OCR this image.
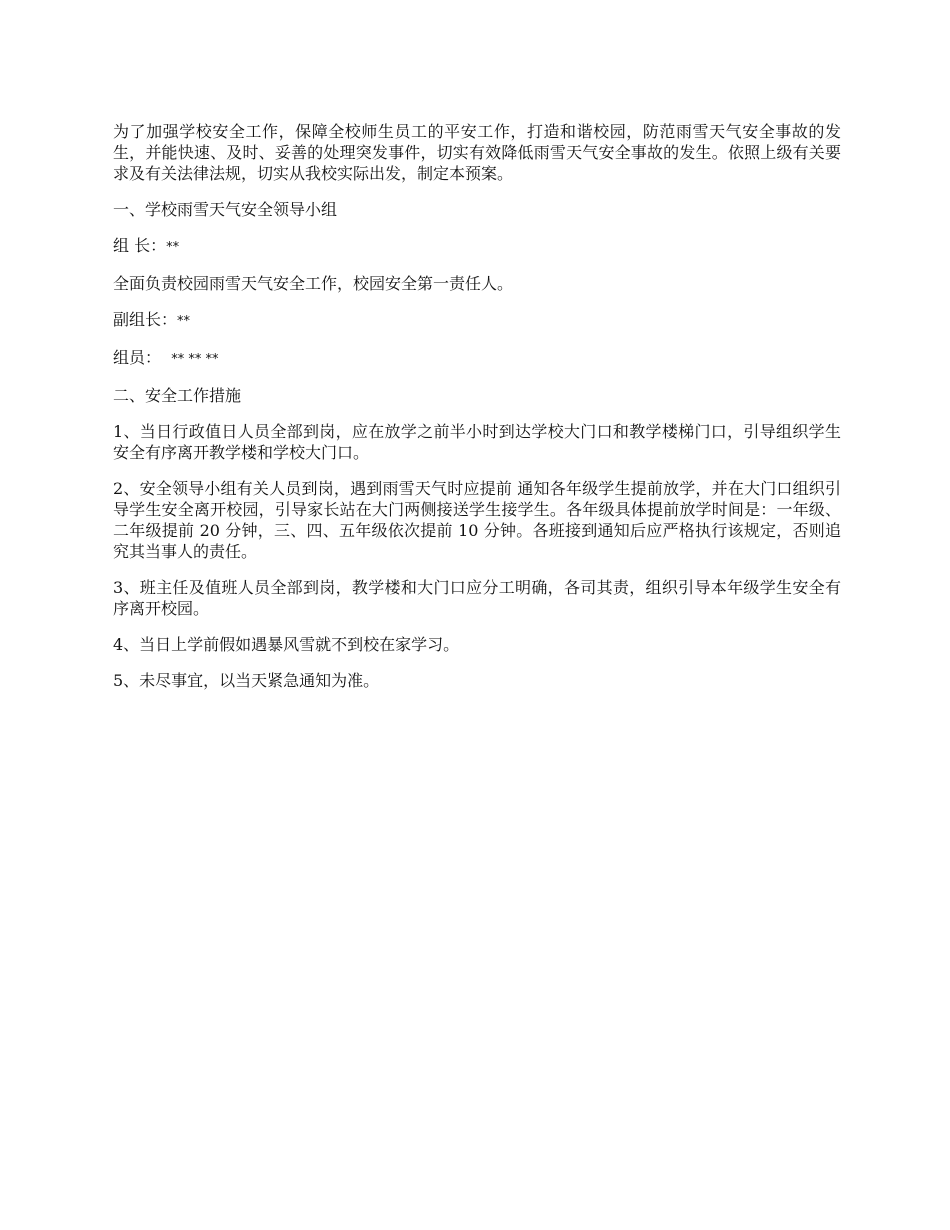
为了加强学校安全工作，保障全校师生员工的平安工作，打造和谐校园，防范雨雪天气安全事故的发生，并能快速、及时、妥善的处理突发事件，切实有效降低雨雪天气安全事故的发生。依照上级有关要求及有关法律法规，切实从我校实际出发，制定本预案。

一、学校雨雪天气安全领导小组

组 长：**

全面负责校园雨雪天气安全工作，校园安全第一责任人。

副组长：**

组员：  ** ** **

二、安全工作措施

1、当日行政值日人员全部到岗，应在放学之前半小时到达学校大门口和教学楼梯门口，引导组织学生安全有序离开教学楼和学校大门口。

2、安全领导小组有关人员到岗，遇到雨雪天气时应提前 通知各年级学生提前放学，并在大门口组织引导学生安全离开校园，引导家长站在大门两侧接送学生接学生。各年级具体提前放学时间是：一年级、二年级提前 20 分钟，三、四、五年级依次提前 10 分钟。各班接到通知后应严格执行该规定，否则追究其当事人的责任。

3、班主任及值班人员全部到岗，教学楼和大门口应分工明确，各司其责，组织引导本年级学生安全有序离开校园。

4、当日上学前假如遇暴风雪就不到校在家学习。

5、未尽事宜，以当天紧急通知为准。
